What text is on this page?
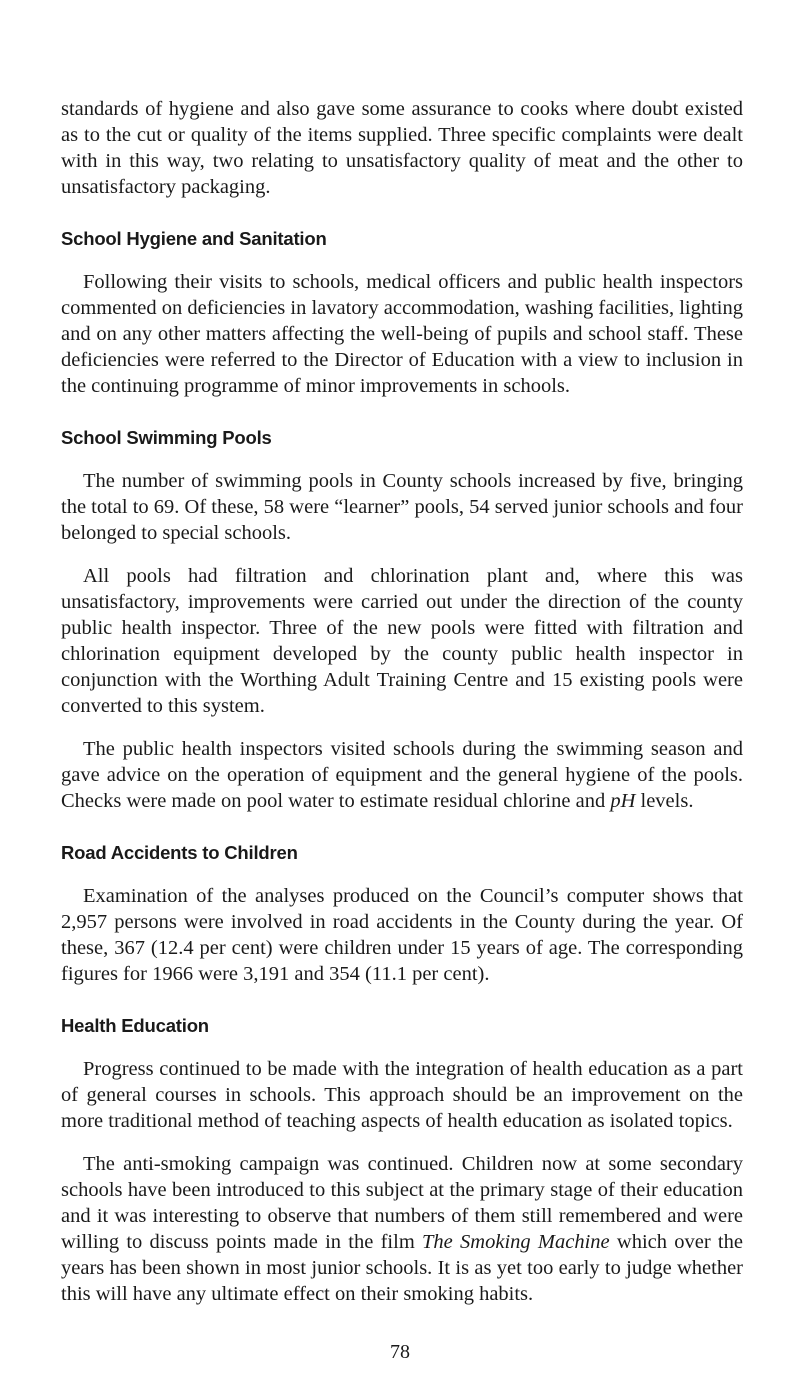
standards of hygiene and also gave some assurance to cooks where doubt existed as to the cut or quality of the items supplied. Three specific complaints were dealt with in this way, two relating to unsatisfactory quality of meat and the other to unsatisfactory packaging.

School Hygiene and Sanitation

Following their visits to schools, medical officers and public health inspectors commented on deficiencies in lavatory accommodation, washing facilities, lighting and on any other matters affecting the well-being of pupils and school staff. These deficiencies were referred to the Director of Education with a view to inclusion in the continuing programme of minor improvements in schools.

School Swimming Pools

The number of swimming pools in County schools increased by five, bringing the total to 69. Of these, 58 were “learner” pools, 54 served junior schools and four belonged to special schools.

All pools had filtration and chlorination plant and, where this was unsatisfactory, improvements were carried out under the direction of the county public health inspector. Three of the new pools were fitted with filtration and chlorination equipment developed by the county public health inspector in conjunction with the Worthing Adult Training Centre and 15 existing pools were converted to this system.

The public health inspectors visited schools during the swimming season and gave advice on the operation of equipment and the general hygiene of the pools. Checks were made on pool water to estimate residual chlorine and pH levels.

Road Accidents to Children

Examination of the analyses produced on the Council’s computer shows that 2,957 persons were involved in road accidents in the County during the year. Of these, 367 (12.4 per cent) were children under 15 years of age. The corresponding figures for 1966 were 3,191 and 354 (11.1 per cent).

Health Education

Progress continued to be made with the integration of health education as a part of general courses in schools. This approach should be an improvement on the more traditional method of teaching aspects of health education as isolated topics.

The anti-smoking campaign was continued. Children now at some secondary schools have been introduced to this subject at the primary stage of their education and it was interesting to observe that numbers of them still remembered and were willing to discuss points made in the film The Smoking Machine which over the years has been shown in most junior schools. It is as yet too early to judge whether this will have any ultimate effect on their smoking habits.

78
